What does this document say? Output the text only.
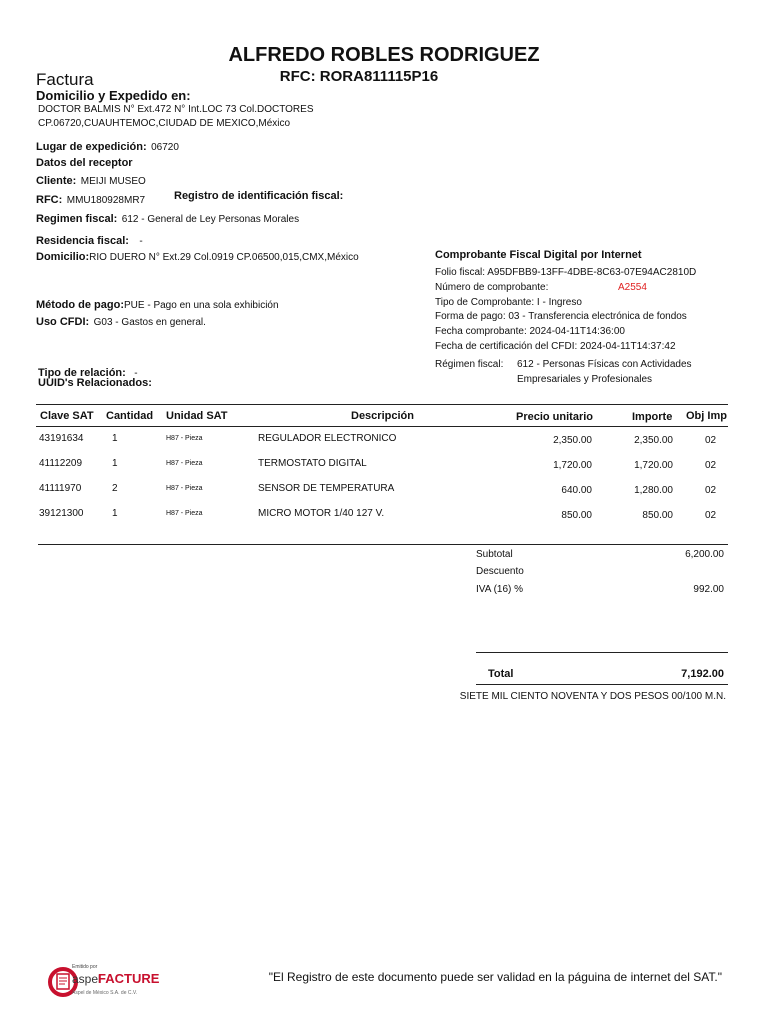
ALFREDO ROBLES RODRIGUEZ
RFC: RORA811115P16
Factura
Domicilio y Expedido en:
DOCTOR BALMIS N° Ext.472 N° Int.LOC 73 Col.DOCTORES
CP.06720,CUAUHTEMOC,CIUDAD DE MEXICO,México
Lugar de expedición: 06720
Datos del receptor
Cliente: MEIJI MUSEO
RFC: MMU180928MR7	Registro de identificación fiscal:
Regimen fiscal: 612 - General de Ley Personas Morales
Residencia fiscal: -
Domicilio:RIO DUERO N° Ext.29 Col.0919 CP.06500,015,CMX,México
Método de pago:PUE - Pago en una sola exhibición
Uso CFDI: G03 - Gastos en general.
Tipo de relación: -
UUID's Relacionados:
Comprobante Fiscal Digital por Internet
Folio fiscal: A95DFBB9-13FF-4DBE-8C63-07E94AC2810D
Número de comprobante:	A2554
Tipo de Comprobante: I - Ingreso
Forma de pago: 03 - Transferencia electrónica de fondos
Fecha comprobante: 2024-04-11T14:36:00
Fecha de certificación del CFDI: 2024-04-11T14:37:42
Régimen fiscal: 612 - Personas Físicas con Actividades
Empresariales y Profesionales
Clave SAT Cantidad Unidad SAT	Descripción	Precio unitario	Importe Obj Imp
43191634	1	H87 - Pieza	REGULADOR ELECTRONICO	2,350.00	2,350.00	02
41112209	1	H87 - Pieza	TERMOSTATO DIGITAL	1,720.00	1,720.00	02
41111970	2	H87 - Pieza	SENSOR DE TEMPERATURA	640.00	1,280.00	02
39121300	1	H87 - Pieza	MICRO MOTOR 1/40 127 V.	850.00	850.00	02
Subtotal	6,200.00
Descuento
IVA (16) %	992.00
Total	7,192.00
SIETE MIL CIENTO NOVENTA Y DOS PESOS 00/100 M.N.
Emitido por
aspel
FACTURE
Aspel de México S.A. de C.V.
"El Registro de este documento puede ser validad en la páguina de internet del SAT."
